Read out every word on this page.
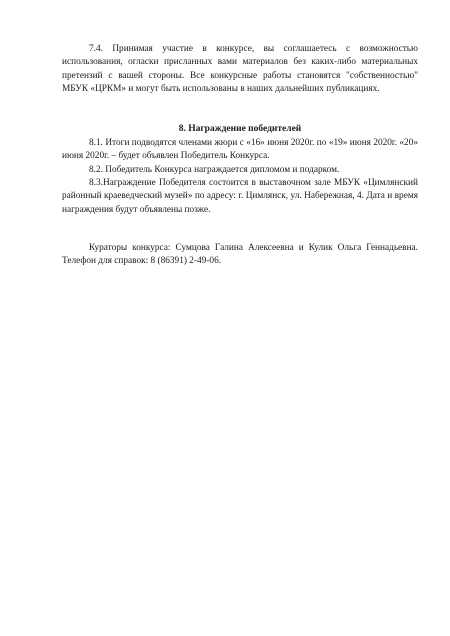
7.4. Принимая участие в конкурсе, вы соглашаетесь с возможностью использования, огласки присланных вами материалов без каких-либо материальных претензий с вашей стороны. Все конкурсные работы становятся "собственностью" МБУК «ЦРКМ» и могут быть использованы в наших дальнейших публикациях.

8. Награждение победителей

8.1. Итоги подводятся членами жюри с «16» июня 2020г. по «19» июня 2020г. «20» июня 2020г. – будет объявлен Победитель Конкурса.

8.2. Победитель Конкурса награждается дипломом и подарком.

8.3.Награждение Победителя состоится в выставочном зале МБУК «Цимлянский районный краеведческий музей» по адресу: г. Цимлянск, ул. Набережная, 4. Дата и время награждения будут объявлены позже.

Кураторы конкурса: Сумцова Галина Алексеевна и Кулик Ольга Геннадьевна. Телефон для справок: 8 (86391) 2-49-06.
